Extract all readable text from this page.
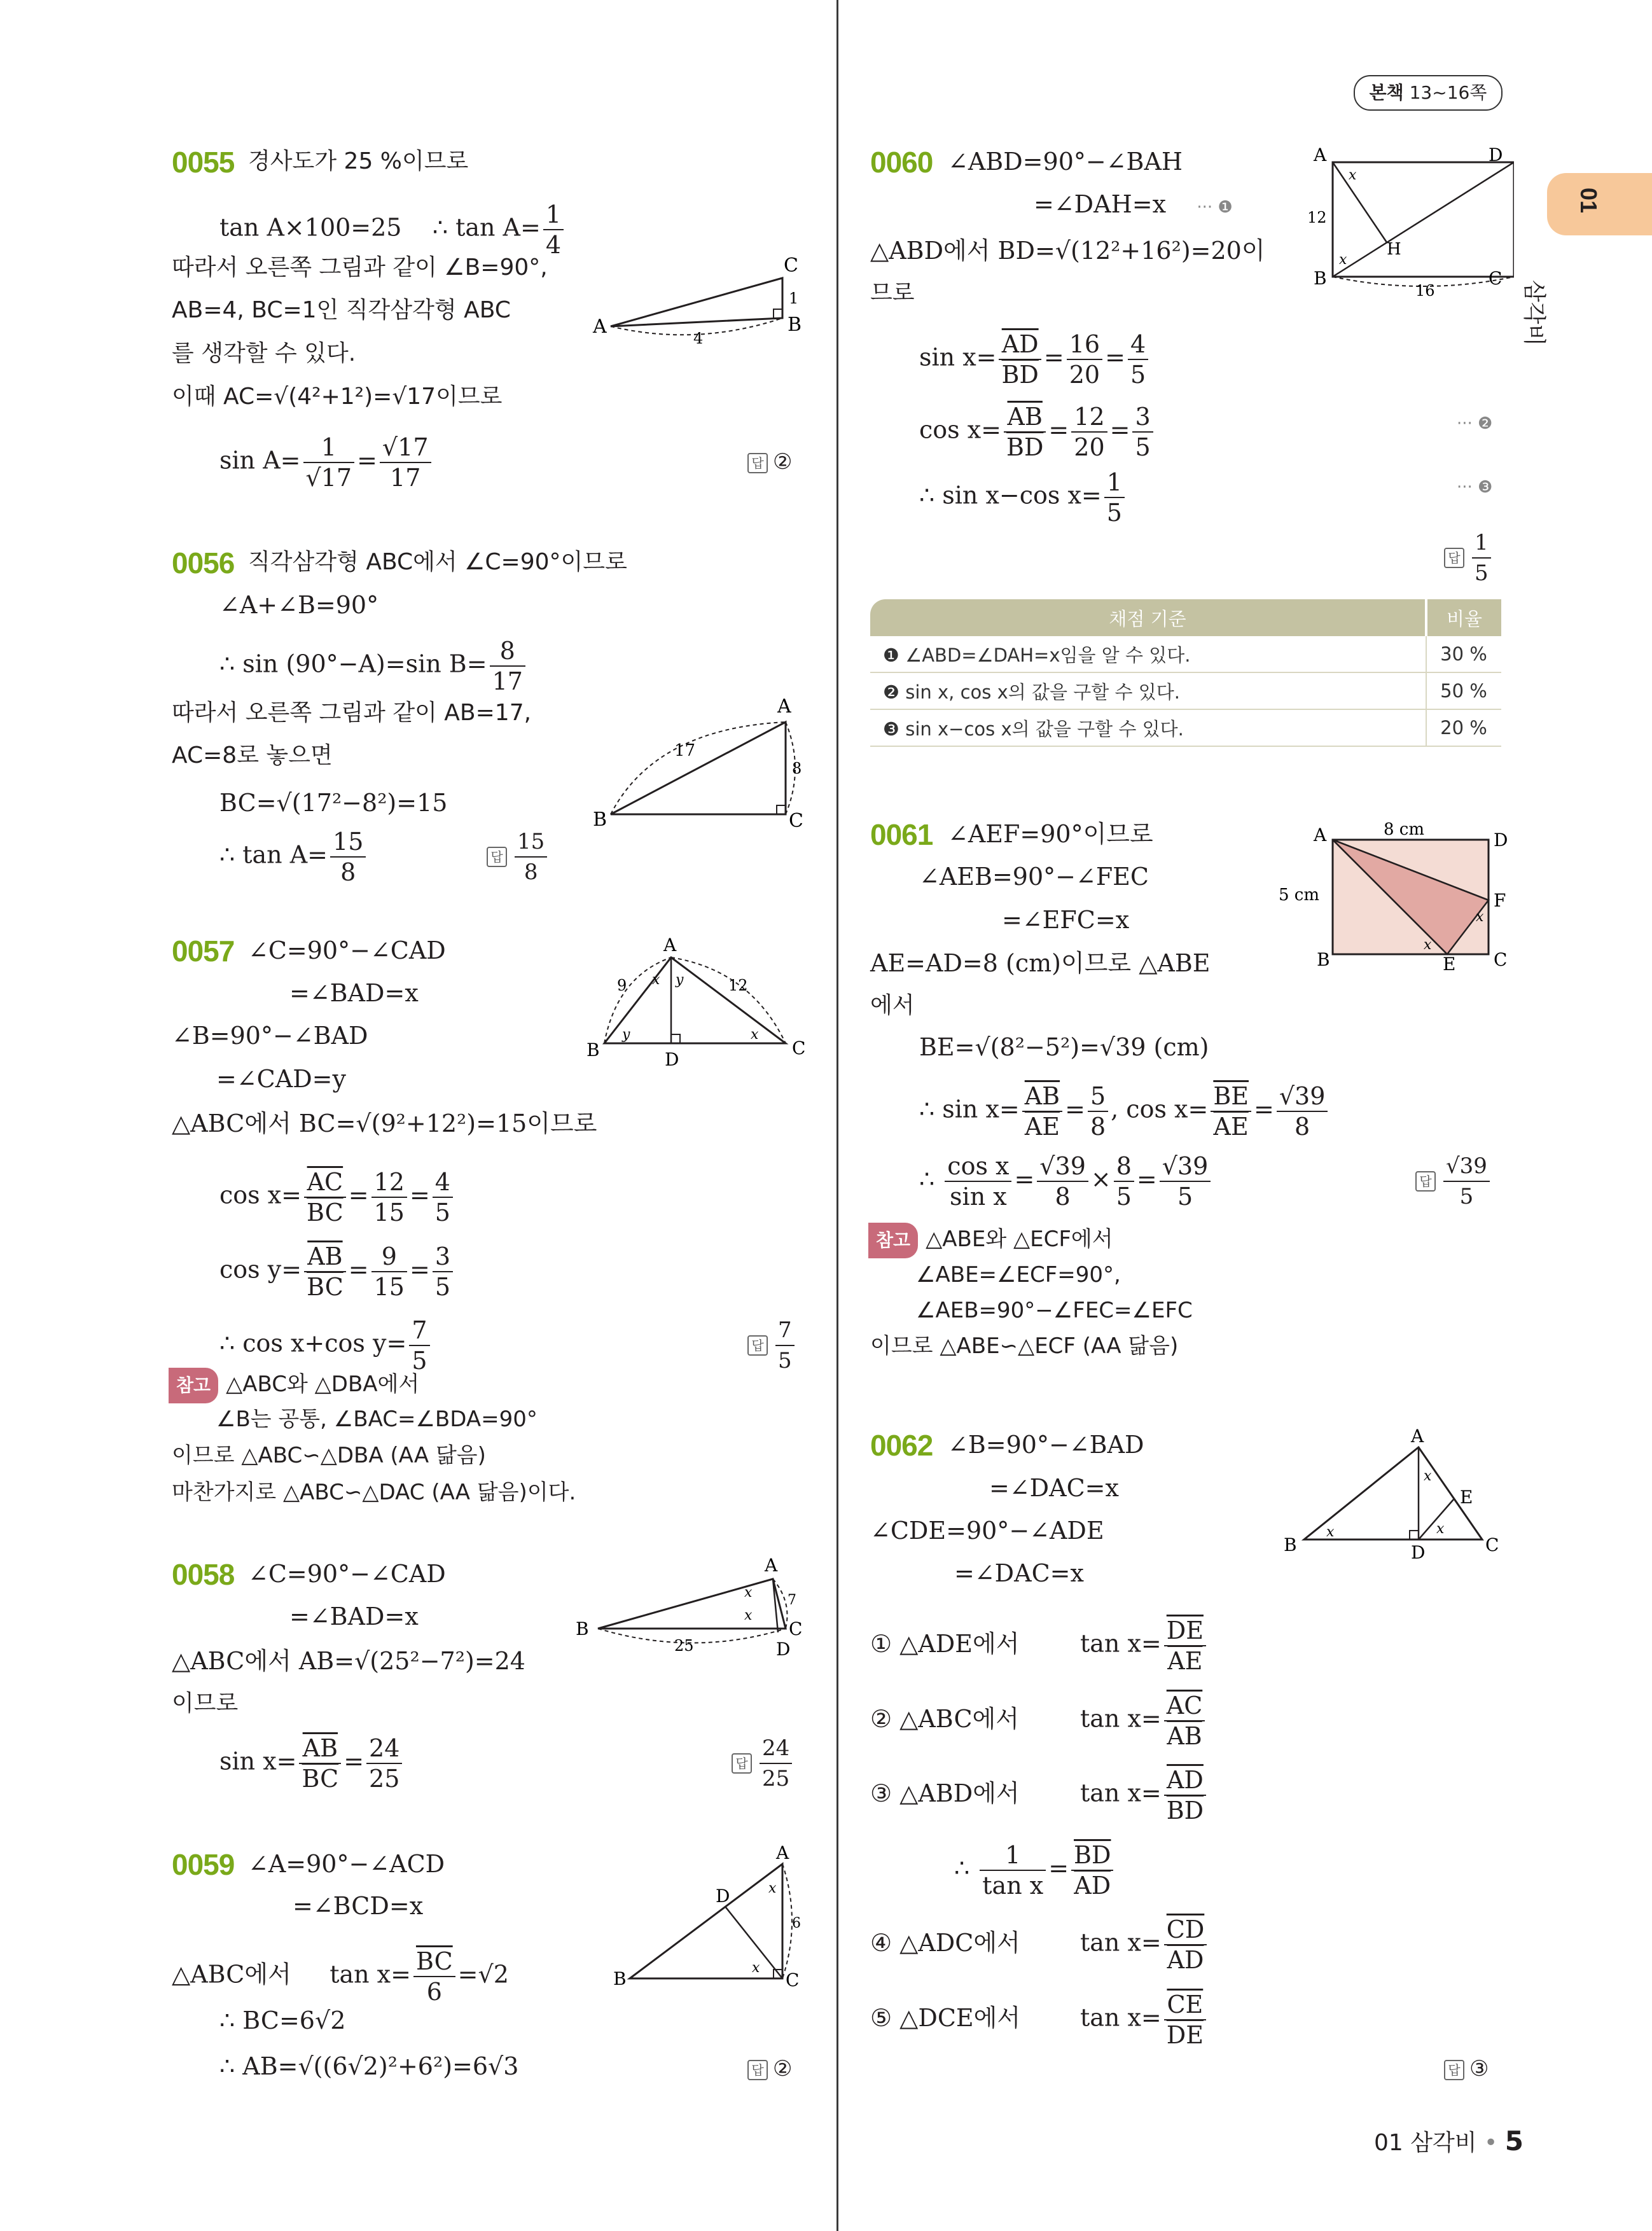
본책 13~16쪽
01
삼각비
0055 경사도가 25 %이므로
tan A×100=25 ∴ $\tan A= \frac{1}{4}$
따라서 오른쪽 그림과 같이 ∠B=90°,
AB=4, BC=1인 직각삼각형 ABC
를 생각할 수 있다.
이때 AC=√(4²+1²)=√17이므로
$\sin A= \frac{1}{√17} = \frac{√17}{17}$	답 ②
A	B
C
4
1
0056 직각삼각형 ABC에서 ∠C=90°이므로
∠A+∠B=90°
∴ sin (90°−A)=sin $B= \frac{8}{17}$
따라서 오른쪽 그림과 같이 AB=17,
AC=8로 놓으면
BC=√(17²−8²)=15
∴ $\tan A= \frac{15}{8}$	답 $\frac{15}{8}$
A
B	C
17
8
0057 ∠C=90°−∠CAD
=∠BAD=x
∠B=90°−∠BAD
=∠CAD=y
△ABC에서 BC=√(9²+12²)=15이므로
$\cos x= \frac{\overline{AC}}{BC} = \frac{12}{15} = \frac{4}{5}$
$\cos y= \frac{\overline{AB}}{BC} = \frac{9}{15} = \frac{3}{5}$
∴ cos x+cos $y= \frac{7}{5}$	답 $\frac{7}{5}$
참고 △ABC와 △DBA에서
∠B는 공통, ∠BAC=∠BDA=90°
이므로 △ABC∽△DBA (AA 닮음)
마찬가지로 △ABC∽△DAC (AA 닮음)이다.
A
B	C
D
9	12
x y
y	x
0058 ∠C=90°−∠CAD
=∠BAD=x
△ABC에서 AB=√(25²−7²)=24
이므로
$\sin x= \frac{\overline{AB}}{BC} = \frac{24}{25}$	답 $\frac{24}{25}$
A
B	C
D
25
7
x
x
0059 ∠A=90°−∠ACD
=∠BCD=x
△ABC에서 $\tan x= \frac{\overline{BC}}{6} =√2$
∴ BC=6√2
∴ AB=√((6√2)²+6²)=6√3	답 ②
A
B	C
D
6
x
x
0060 ∠ABD=90°−∠BAH
=∠DAH=x ··· ❶
△ABD에서 BD=√(12²+16²)=20이
므로
$\sin x= \frac{\overline{AD}}{BD} = \frac{16}{20} = \frac{4}{5}$
$\cos x= \frac{\overline{AB}}{BD} = \frac{12}{20} = \frac{3}{5}$	··· ❷
∴ sin x−cos $x= \frac{1}{5}$	··· ❸
답 $\frac{1}{5}$
A
B	C
D
H
12
16
x
x
채점 기준	비율
❶ ∠ABD=∠DAH=x임을 알 수 있다.	30 %
❷ sin x, cos x의 값을 구할 수 있다.	50 %
❸ sin x−cos x의 값을 구할 수 있다.	20 %
0061 ∠AEF=90°이므로
∠AEB=90°−∠FEC
=∠EFC=x
AE=AD=8 (cm)이므로 △ABE
에서
BE=√(8²−5²)=√39 (cm)
∴ $\sin x= \frac{\overline{AB}}{AE} = \frac{5}{8}$ , $\cos x= \frac{\overline{BE}}{AE} = \frac{√39}{8}$
∴ $\frac{\text{cos x}}{\text{sin x}} = \frac{√39}{8} \times \frac{8}{5} = \frac{√39}{5}$	답 $\frac{√39}{5}$
참고 △ABE와 △ECF에서
∠ABE=∠ECF=90°,
∠AEB=90°−∠FEC=∠EFC
이므로 △ABE∽△ECF (AA 닮음)
A
B	C
D
E
F
8 cm
5 cm
x
x
0062 ∠B=90°−∠BAD
=∠DAC=x
∠CDE=90°−∠ADE
=∠DAC=x
① △ADE에서	$\tan x= \frac{\overline{DE}}{AE}$
② △ABC에서	$\tan x= \frac{\overline{AC}}{AB}$
③ △ABD에서	$\tan x= \frac{\overline{AD}}{BD}$
∴ $\frac{1}{\text{tan x}} = \frac{\overline{BD}}{AD}$
④ △ADC에서 $\tan x= \frac{\overline{CD}}{AD}$
⑤ △DCE에서 $\tan x= \frac{\overline{CE}}{DE}$
답 ③
A
B	C
D
E
x
x	x
01 삼각비 • 5
